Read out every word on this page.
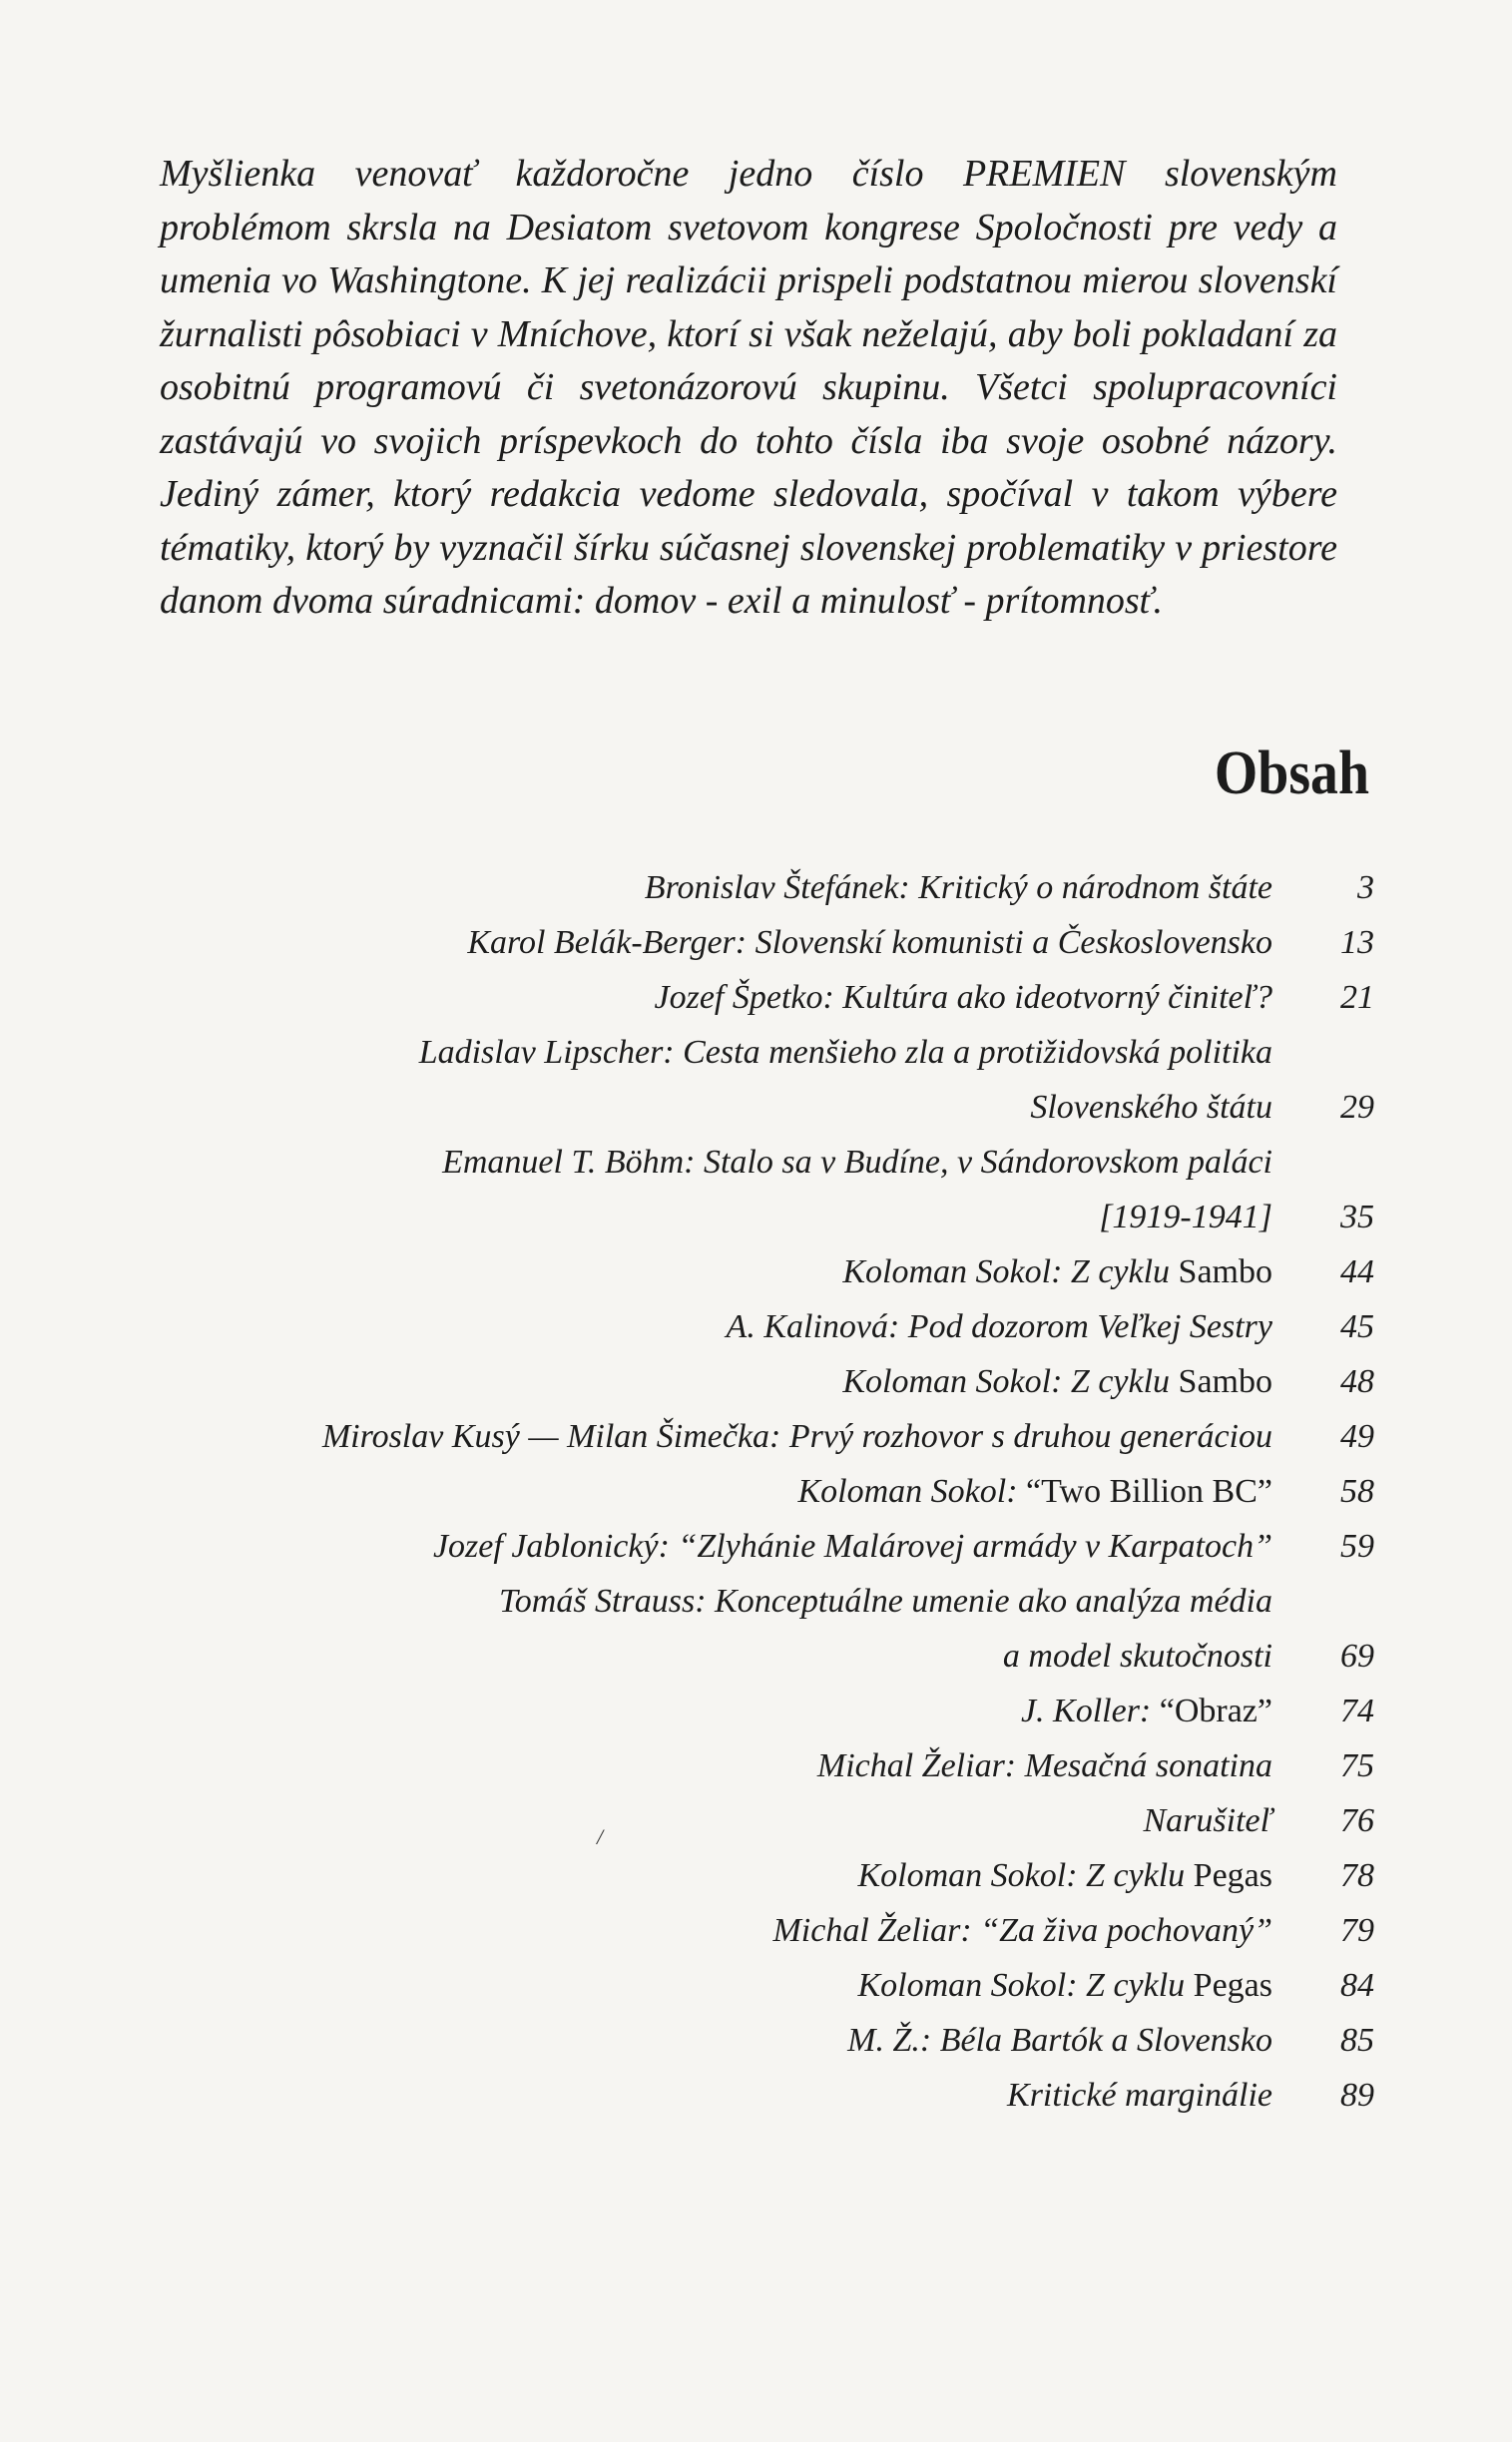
Myšlienka venovať každoročne jedno číslo PREMIEN slovenským problémom skrsla na Desiatom svetovom kongrese Spoločnosti pre vedy a umenia vo Washingtone. K jej realizácii prispeli podstatnou mierou slovenskí žurnalisti pôsobiaci v Mníchove, ktorí si však neželajú, aby boli pokladaní za osobitnú programovú či svetonázorovú skupinu. Všetci spolupracovníci zastávajú vo svojich príspevkoch do tohto čísla iba svoje osobné názory. Jediný zámer, ktorý redakcia vedome sledovala, spočíval v takom výbere tématiky, ktorý by vyznačil šírku súčasnej slovenskej problematiky v priestore danom dvoma súradnicami: domov - exil a minulosť - prítomnosť.

Obsah
Bronislav Štefánek: Kritický o národnom štáte	3
Karol Belák-Berger: Slovenskí komunisti a Československo 13
Jozef Špetko: Kultúra ako ideotvorný činiteľ? 21
Ladislav Lipscher: Cesta menšieho zla a protižidovská politika
Slovenského štátu 29
Emanuel T. Böhm: Stalo sa v Budíne, v Sándorovskom paláci
[1919-1941] 35
Koloman Sokol: Z cyklu Sambo 44
A. Kalinová: Pod dozorom Veľkej Sestry 45
Koloman Sokol: Z cyklu Sambo 48
Miroslav Kusý — Milan Šimečka: Prvý rozhovor s druhou generáciou 49
Koloman Sokol: “Two Billion BC” 58
Jozef Jablonický: “Zlyhánie Malárovej armády v Karpatoch” 59
Tomáš Strauss: Konceptuálne umenie ako analýza média
a model skutočnosti 69
J. Koller: “Obraz” 74
Michal Želiar: Mesačná sonatina 75
Narušiteľ 76
Koloman Sokol: Z cyklu Pegas 78
Michal Želiar: “Za živa pochovaný” 79
Koloman Sokol: Z cyklu Pegas 84
M. Ž.: Béla Bartók a Slovensko 85
Kritické marginálie 89
/
